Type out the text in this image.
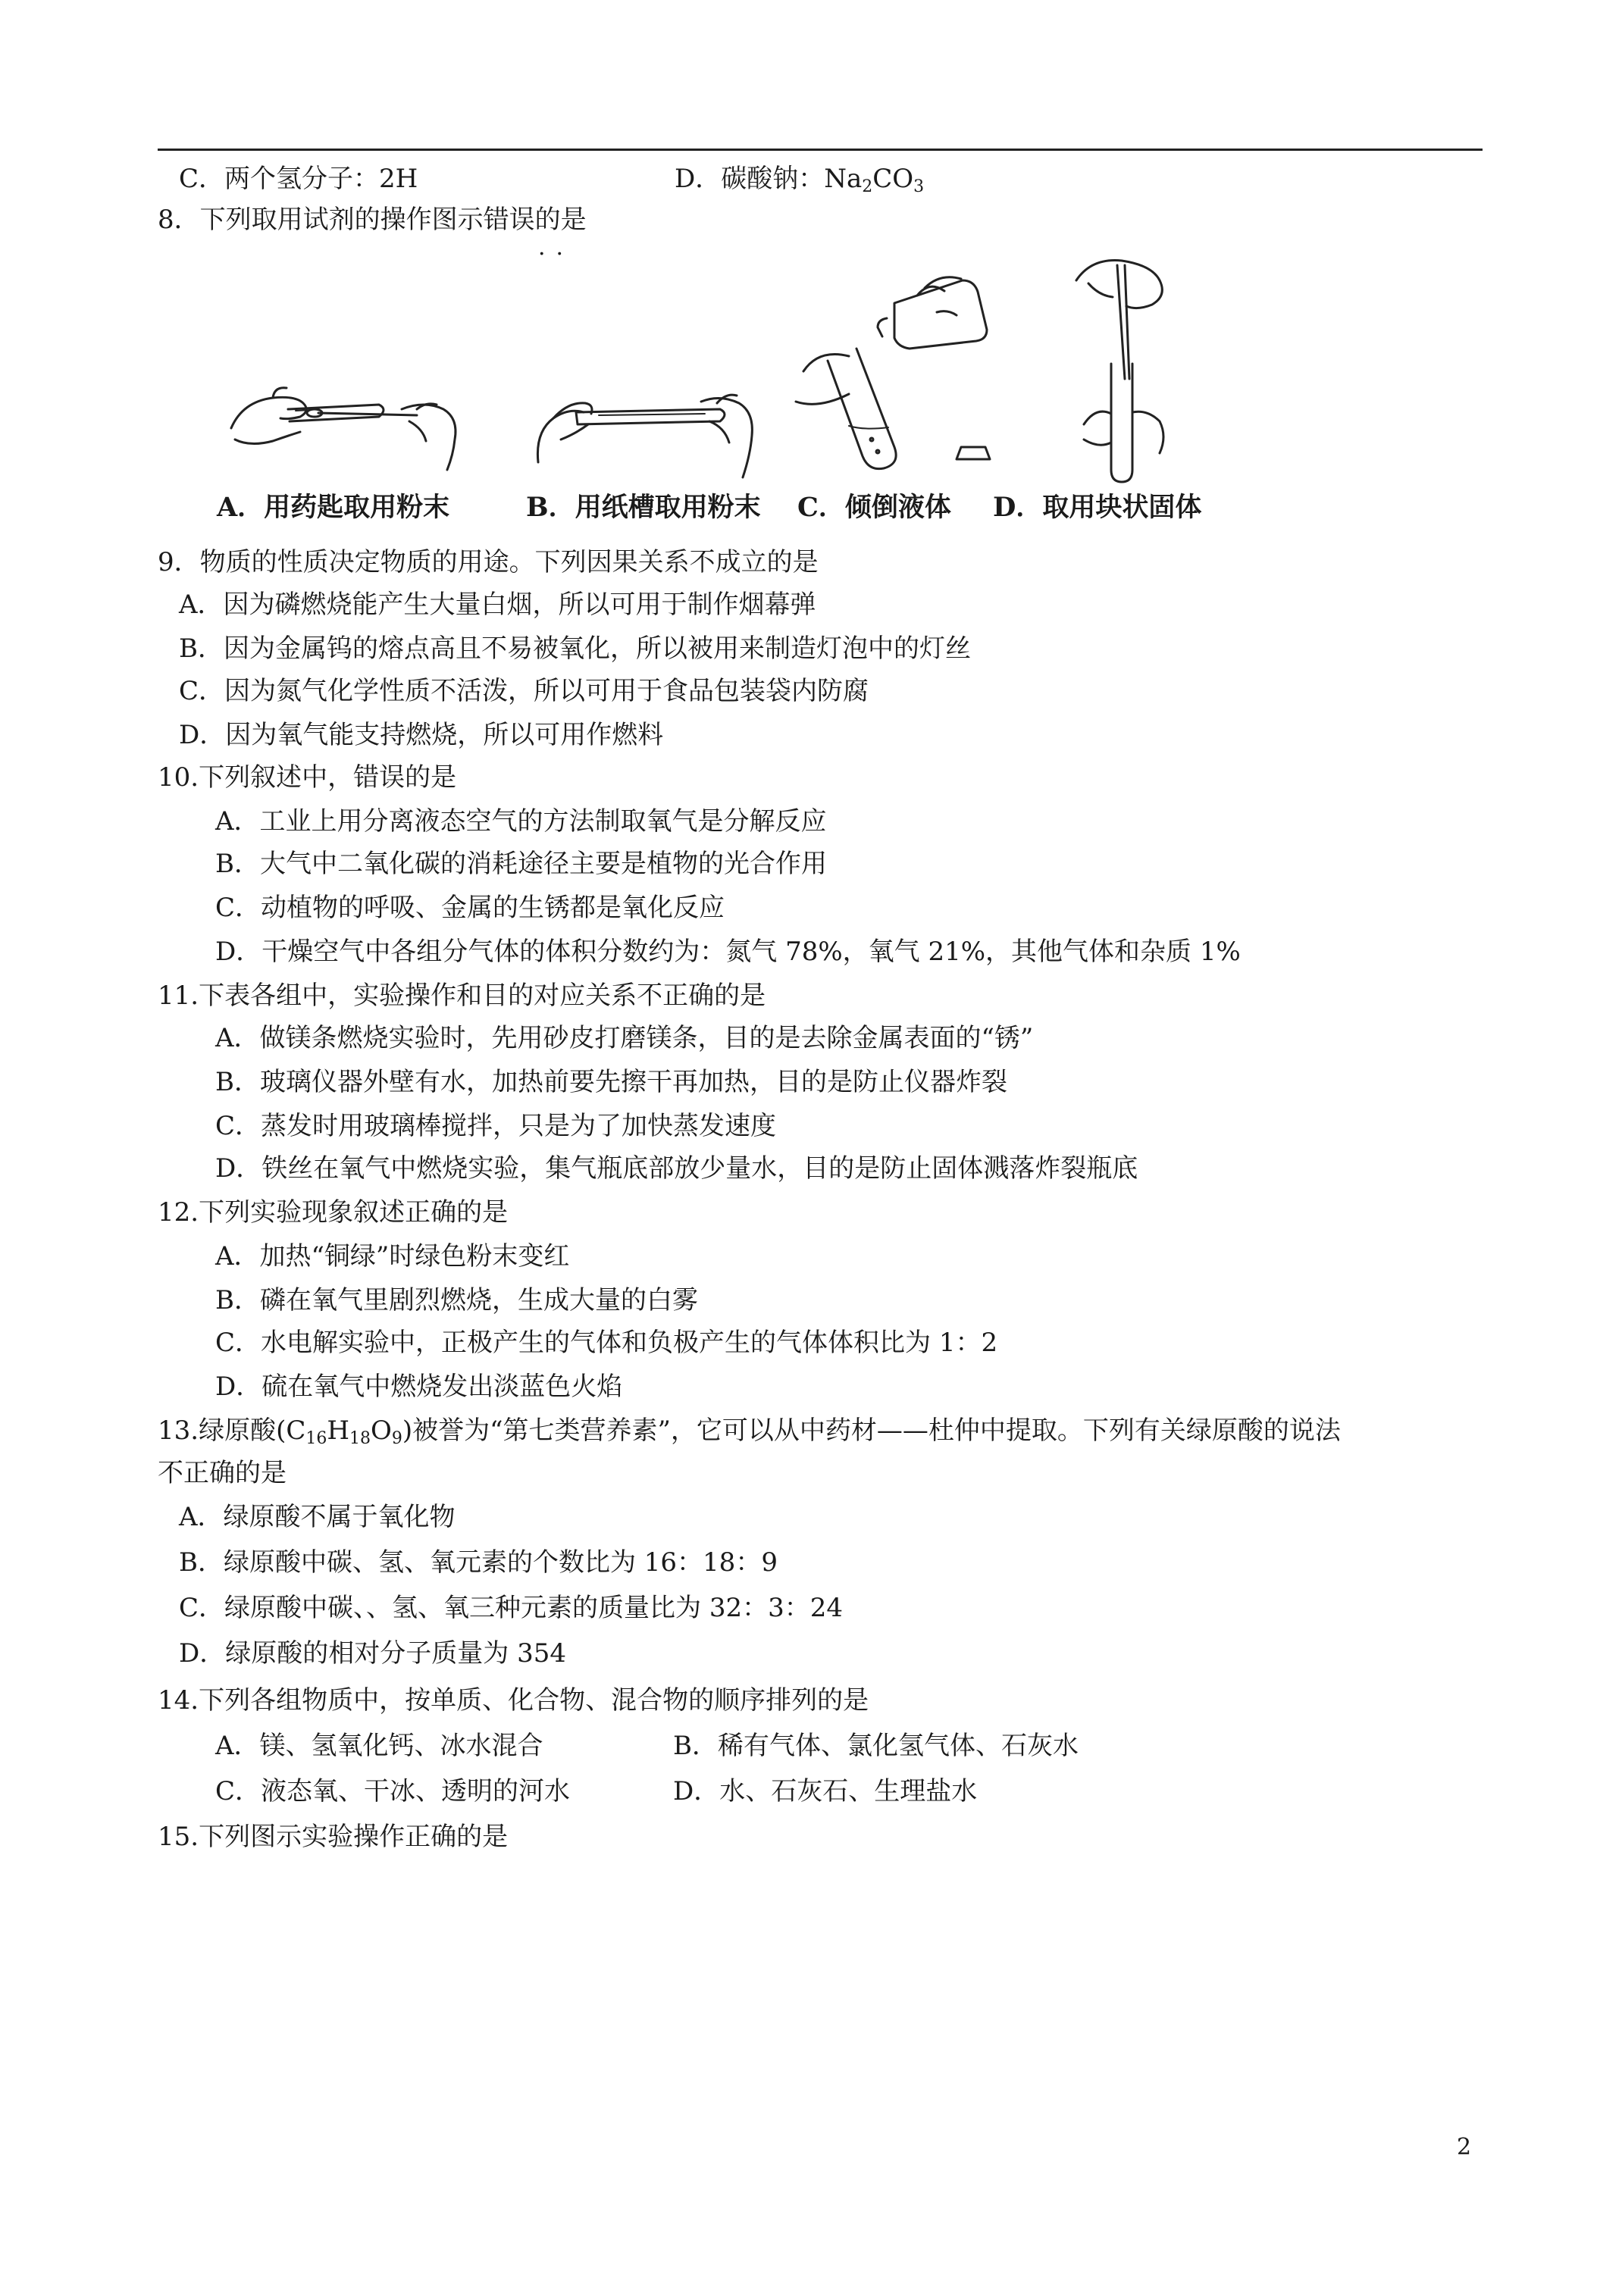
C．两个氢分子：2H	D．碳酸钠：$Na_2CO_3$
8．下列取用试剂的操作图示错误的是
··
A．用药匙取用粉末	B．用纸槽取用粉末 C．倾倒液体 D．取用块状固体
9．物质的性质决定物质的用途。下列因果关系不成立的是
A．因为磷燃烧能产生大量白烟，所以可用于制作烟幕弹
B．因为金属钨的熔点高且不易被氧化，所以被用来制造灯泡中的灯丝
C．因为氮气化学性质不活泼，所以可用于食品包装袋内防腐
D．因为氧气能支持燃烧，所以可用作燃料
10.下列叙述中，错误的是
A．工业上用分离液态空气的方法制取氧气是分解反应
B．大气中二氧化碳的消耗途径主要是植物的光合作用
C．动植物的呼吸、金属的生锈都是氧化反应
D．干燥空气中各组分气体的体积分数约为：氮气 78%，氧气 21%，其他气体和杂质 1%
11.下表各组中，实验操作和目的对应关系不正确的是
A．做镁条燃烧实验时，先用砂皮打磨镁条，目的是去除金属表面的“锈”
B．玻璃仪器外壁有水，加热前要先擦干再加热，目的是防止仪器炸裂
C．蒸发时用玻璃棒搅拌，只是为了加快蒸发速度
D．铁丝在氧气中燃烧实验，集气瓶底部放少量水，目的是防止固体溅落炸裂瓶底
12.下列实验现象叙述正确的是
A．加热“铜绿”时绿色粉末变红
B．磷在氧气里剧烈燃烧，生成大量的白雾
C．水电解实验中，正极产生的气体和负极产生的气体体积比为 1：2
D．硫在氧气中燃烧发出淡蓝色火焰
13.绿原酸$(C_{16}H_{18}O_9)$被誉为“第七类营养素”，它可以从中药材——杜仲中提取。下列有关绿原酸的说法
不正确的是
A．绿原酸不属于氧化物
B．绿原酸中碳、氢、氧元素的个数比为 16：18：9
C．绿原酸中碳、、氢、氧三种元素的质量比为 32：3：24
D．绿原酸的相对分子质量为 354
14.下列各组物质中，按单质、化合物、混合物的顺序排列的是
A．镁、氢氧化钙、冰水混合	B．稀有气体、氯化氢气体、石灰水
C．液态氧、干冰、透明的河水	D．水、石灰石、生理盐水
15.下列图示实验操作正确的是
2
